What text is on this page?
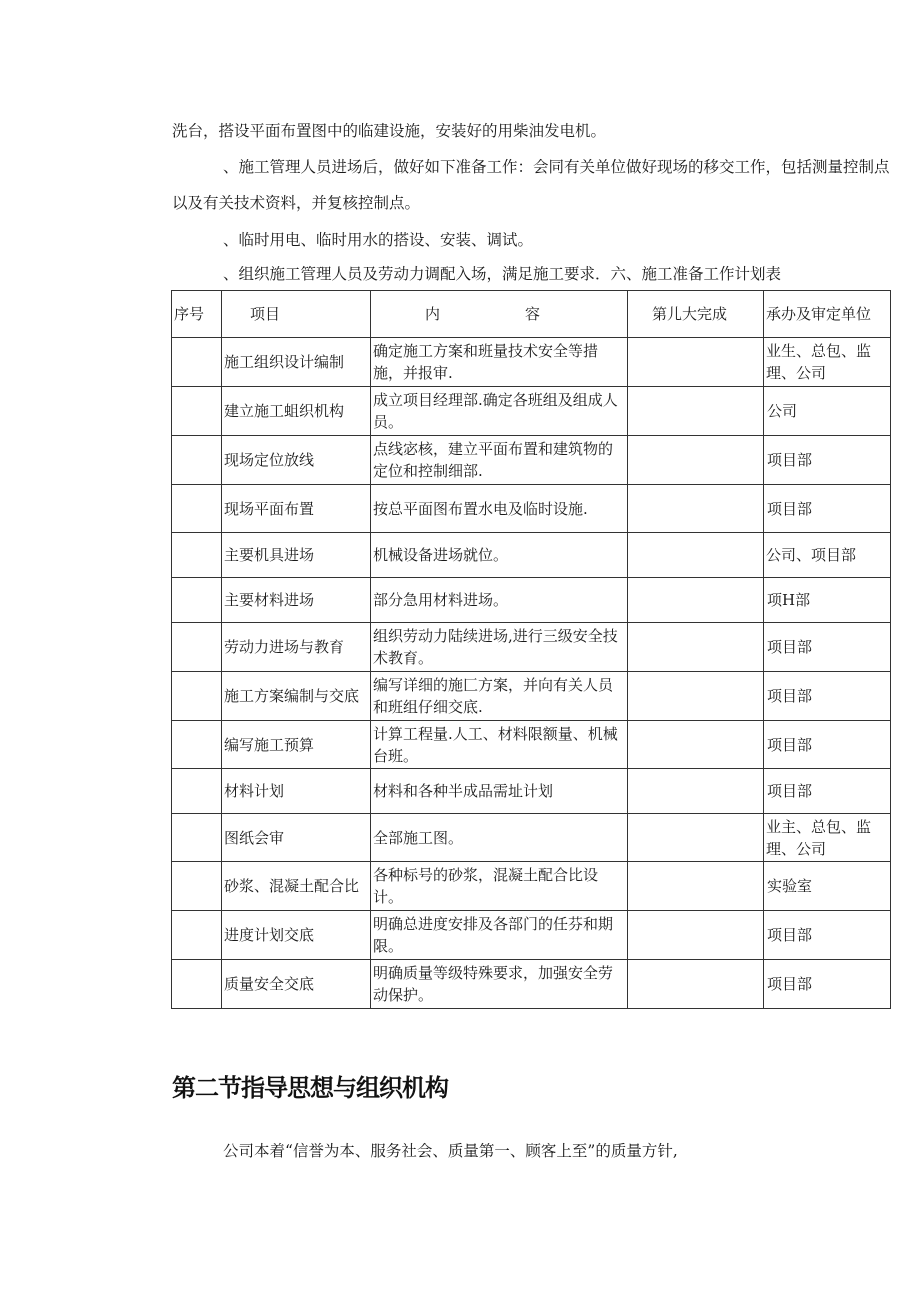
洗台，搭设平面布置图中的临建设施，安装好的用柴油发电机。

、施工管理人员进场后，做好如下准备工作：会同有关单位做好现场的移交工作，包括测量控制点以及有关技术资料，并复核控制点。

、临时用电、临时用水的搭设、安装、调试。

、组织施工管理人员及劳动力调配入场，满足施工要求．六、施工准备工作计划表

序号	项目	内 容	第儿大完成	承办及审定单位
	施工组织设计编制	确定施工方案和班量技术安全等措施，并报审.		业生、总包、监理、公司
	建立施工蛆织机构	成立项目经理部.确定各班组及组成人员。		公司
	现场定位放线	点线宓核，建立平面布置和建筑物的定位和控制细部.		项目部
	现场平面布置	按总平面图布置水电及临时设施.		项目部
	主要机具进场	机械设备进场就位。		公司、项目部
	主要材料进场	部分急用材料进场。		项H部
	劳动力进场与教育	组织劳动力陆续进场,进行三级安全技术教育。		项目部
	施工方案编制与交底	编写详细的施匚方案，并向有关人员和班组仔细交底.		项目部
	编写施工预算	计算工程量.人工、材料限额量、机械台班。		项目部
	材料计划	材料和各种半成品需址计划		项目部
	图纸会审	全部施工图。		业主、总包、监理、公司
	砂浆、混凝土配合比	各种标号的砂浆，混凝土配合比设计。		实验室
	进度计划交底	明确总进度安排及各部门的任芬和期限。		项目部
	质量安全交底	明确质量等级特殊要求，加强安全劳动保护。		项目部
第二节指导思想与组织机构

公司本着“信誉为本、服务社会、质量第一、顾客上至”的质量方针,
